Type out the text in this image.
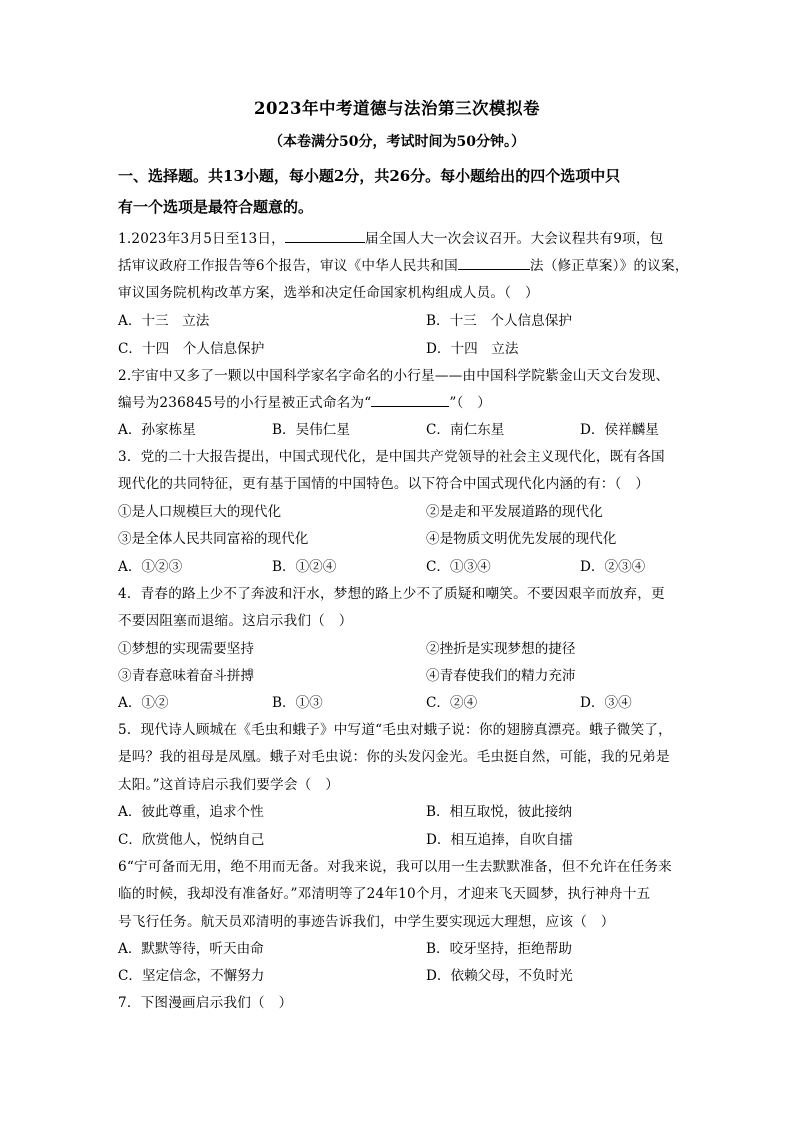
2023年中考道德与法治第三次模拟卷
（本卷满分50分，考试时间为50分钟。）
一、选择题。共13小题，每小题2分，共26分。每小题给出的四个选项中只
有一个选项是最符合题意的。
1.2023年3月5日至13日，	届全国人大一次会议召开。大会议程共有9项，包
括审议政府工作报告等6个报告，审议《中华人民共和国	法（修正草案）》的议案，
审议国务院机构改革方案，选举和决定任命国家机构组成人员。（　）
A．十三　立法	B．十三　个人信息保护
C．十四　个人信息保护	D．十四　立法
2.宇宙中又多了一颗以中国科学家名字命名的小行星——由中国科学院紫金山天文台发现、
编号为236845号的小行星被正式命名为“	”（　）
A．孙家栋星	B．吴伟仁星	C．南仁东星	D．侯祥麟星
3．党的二十大报告提出，中国式现代化，是中国共产党领导的社会主义现代化，既有各国
现代化的共同特征，更有基于国情的中国特色。以下符合中国式现代化内涵的有：（　）
①是人口规模巨大的现代化	②是走和平发展道路的现代化
③是全体人民共同富裕的现代化	④是物质文明优先发展的现代化
A．①②③	B．①②④	C．①③④	D．②③④
4．青春的路上少不了奔波和汗水，梦想的路上少不了质疑和嘲笑。不要因艰辛而放弃，更
不要因阻塞而退缩。这启示我们（　）
①梦想的实现需要坚持	②挫折是实现梦想的捷径
③青春意味着奋斗拼搏	④青春使我们的精力充沛
A．①②	B．①③	C．②④	D．③④
5．现代诗人顾城在《毛虫和蛾子》中写道“毛虫对蛾子说：你的翅膀真漂亮。蛾子微笑了，
是吗？我的祖母是凤凰。蛾子对毛虫说：你的头发闪金光。毛虫挺自然，可能，我的兄弟是
太阳。”这首诗启示我们要学会（　）
A．彼此尊重，追求个性	B．相互取悦，彼此接纳
C．欣赏他人，悦纳自己	D．相互追捧，自吹自擂
6“宁可备而无用，绝不用而无备。对我来说，我可以用一生去默默准备，但不允许在任务来
临的时候，我却没有准备好。”邓清明等了24年10个月，才迎来飞天圆梦，执行神舟十五
号飞行任务。航天员邓清明的事迹告诉我们，中学生要实现远大理想，应该（　）
A．默默等待，听天由命	B．咬牙坚持，拒绝帮助
C．坚定信念，不懈努力	D．依赖父母，不负时光
7．下图漫画启示我们（　）
